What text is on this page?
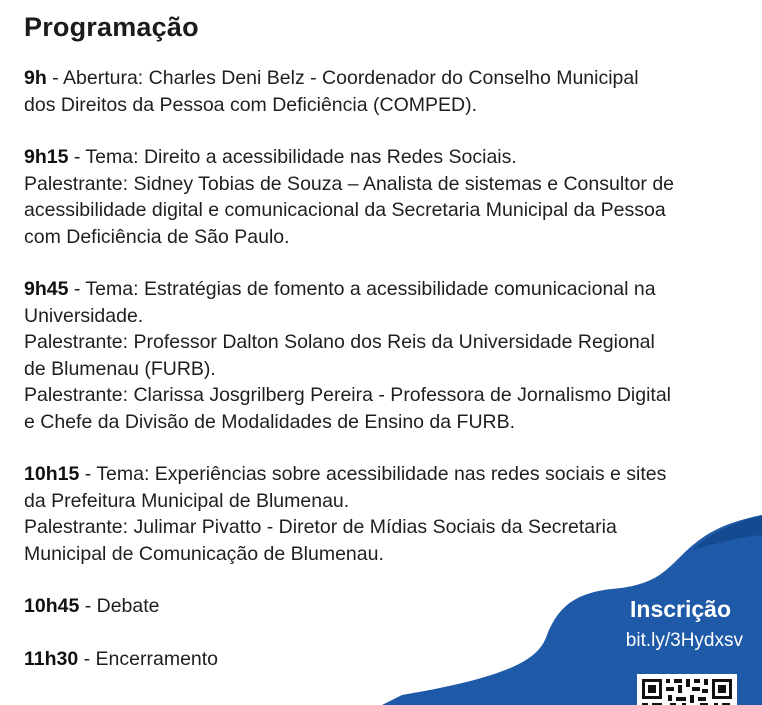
Programação

9h - Abertura: Charles Deni Belz - Coordenador do Conselho Municipal
dos Direitos da Pessoa com Deficiência (COMPED).

9h15 - Tema: Direito a acessibilidade nas Redes Sociais.
Palestrante: Sidney Tobias de Souza – Analista de sistemas e Consultor de
acessibilidade digital e comunicacional da Secretaria Municipal da Pessoa
com Deficiência de São Paulo.

9h45 - Tema: Estratégias de fomento a acessibilidade comunicacional na
Universidade.
Palestrante: Professor Dalton Solano dos Reis da Universidade Regional
de Blumenau (FURB).
Palestrante: Clarissa Josgrilberg Pereira - Professora de Jornalismo Digital
e Chefe da Divisão de Modalidades de Ensino da FURB.

10h15 - Tema: Experiências sobre acessibilidade nas redes sociais e sites
da Prefeitura Municipal de Blumenau.
Palestrante: Julimar Pivatto - Diretor de Mídias Sociais da Secretaria
Municipal de Comunicação de Blumenau.

10h45 - Debate

11h30 - Encerramento

Inscrição

bit.ly/3Hydxsv
